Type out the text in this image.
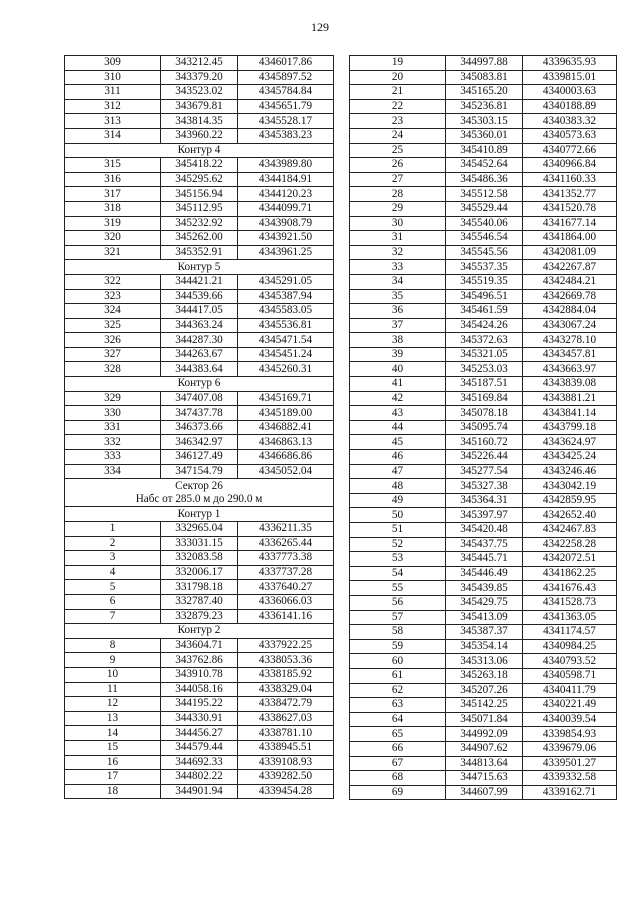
129
309	343212.45	4346017.86
310	343379.20	4345897.52
311	343523.02	4345784.84
312	343679.81	4345651.79
313	343814.35	4345528.17
314	343960.22	4345383.23
Контур 4		
315	345418.22	4343989.80
316	345295.62	4344184.91
317	345156.94	4344120.23
318	345112.95	4344099.71
319	345232.92	4343908.79
320	345262.00	4343921.50
321	345352.91	4343961.25
Контур 5		
322	344421.21	4345291.05
323	344539.66	4345387.94
324	344417.05	4345583.05
325	344363.24	4345536.81
326	344287.30	4345471.54
327	344263.67	4345451.24
328	344383.64	4345260.31
Контур 6		
329	347407.08	4345169.71
330	347437.78	4345189.00
331	346373.66	4346882.41
332	346342.97	4346863.13
333	346127.49	4346686.86
334	347154.79	4345052.04
Сектор 26		
Набс от 285.0 м до 290.0 м		
Контур 1		
1	332965.04	4336211.35
2	333031.15	4336265.44
3	332083.58	4337773.38
4	332006.17	4337737.28
5	331798.18	4337640.27
6	332787.40	4336066.03
7	332879.23	4336141.16
Контур 2		
8	343604.71	4337922.25
9	343762.86	4338053.36
10	343910.78	4338185.92
11	344058.16	4338329.04
12	344195.22	4338472.79
13	344330.91	4338627.03
14	344456.27	4338781.10
15	344579.44	4338945.51
16	344692.33	4339108.93
17	344802.22	4339282.50
18	344901.94	4339454.28
19	344997.88	4339635.93
20	345083.81	4339815.01
21	345165.20	4340003.63
22	345236.81	4340188.89
23	345303.15	4340383.32
24	345360.01	4340573.63
25	345410.89	4340772.66
26	345452.64	4340966.84
27	345486.36	4341160.33
28	345512.58	4341352.77
29	345529.44	4341520.78
30	345540.06	4341677.14
31	345546.54	4341864.00
32	345545.56	4342081.09
33	345537.35	4342267.87
34	345519.35	4342484.21
35	345496.51	4342669.78
36	345461.59	4342884.04
37	345424.26	4343067.24
38	345372.63	4343278.10
39	345321.05	4343457.81
40	345253.03	4343663.97
41	345187.51	4343839.08
42	345169.84	4343881.21
43	345078.18	4343841.14
44	345095.74	4343799.18
45	345160.72	4343624.97
46	345226.44	4343425.24
47	345277.54	4343246.46
48	345327.38	4343042.19
49	345364.31	4342859.95
50	345397.97	4342652.40
51	345420.48	4342467.83
52	345437.75	4342258.28
53	345445.71	4342072.51
54	345446.49	4341862.25
55	345439.85	4341676.43
56	345429.75	4341528.73
57	345413.09	4341363.05
58	345387.37	4341174.57
59	345354.14	4340984.25
60	345313.06	4340793.52
61	345263.18	4340598.71
62	345207.26	4340411.79
63	345142.25	4340221.49
64	345071.84	4340039.54
65	344992.09	4339854.93
66	344907.62	4339679.06
67	344813.64	4339501.27
68	344715.63	4339332.58
69	344607.99	4339162.71
